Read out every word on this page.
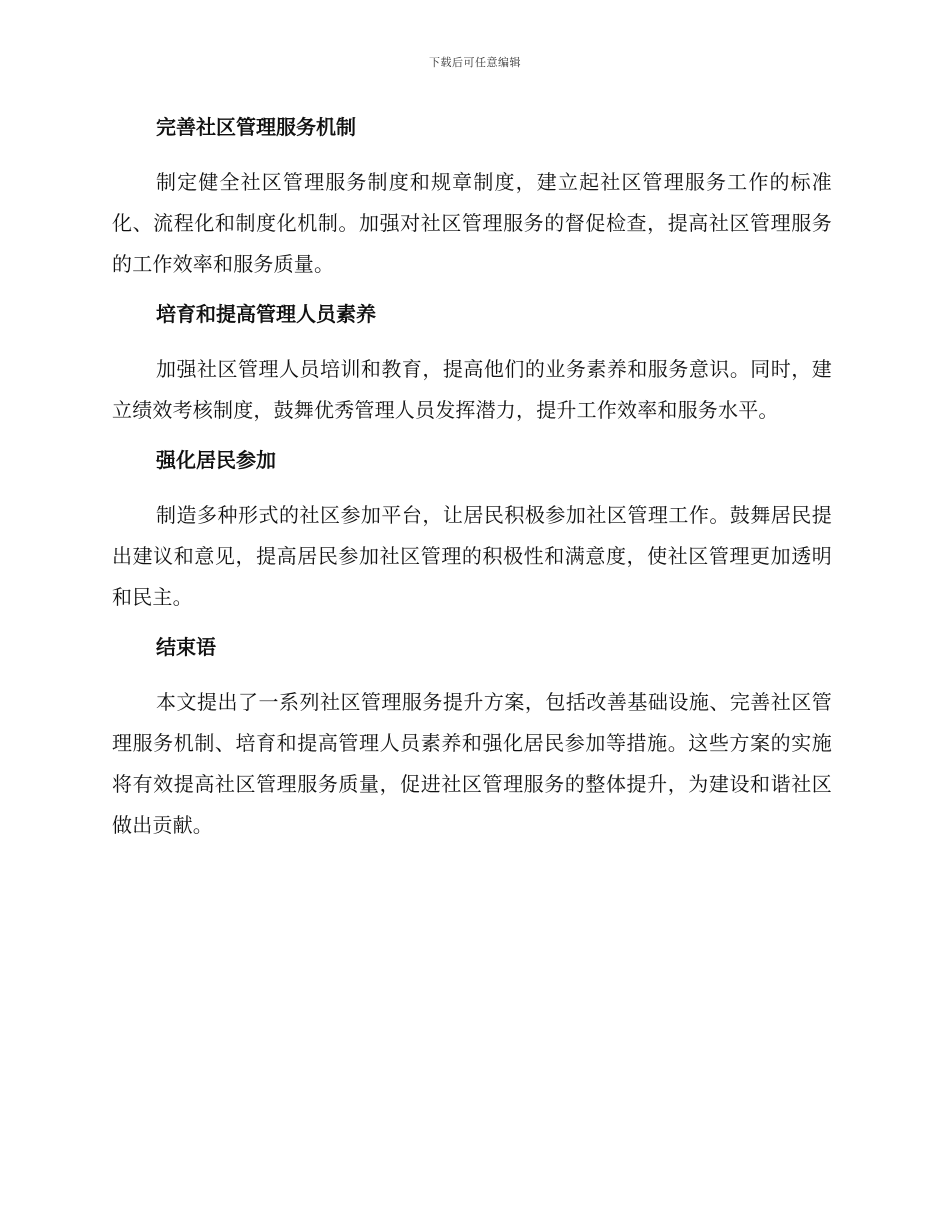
下载后可任意编辑
完善社区管理服务机制

制定健全社区管理服务制度和规章制度，建立起社区管理服务工作的标准化、流程化和制度化机制。加强对社区管理服务的督促检查，提高社区管理服务的工作效率和服务质量。

培育和提高管理人员素养

加强社区管理人员培训和教育，提高他们的业务素养和服务意识。同时，建立绩效考核制度，鼓舞优秀管理人员发挥潜力，提升工作效率和服务水平。

强化居民参加

制造多种形式的社区参加平台，让居民积极参加社区管理工作。鼓舞居民提出建议和意见，提高居民参加社区管理的积极性和满意度，使社区管理更加透明和民主。

结束语

本文提出了一系列社区管理服务提升方案，包括改善基础设施、完善社区管理服务机制、培育和提高管理人员素养和强化居民参加等措施。这些方案的实施将有效提高社区管理服务质量，促进社区管理服务的整体提升，为建设和谐社区做出贡献。
